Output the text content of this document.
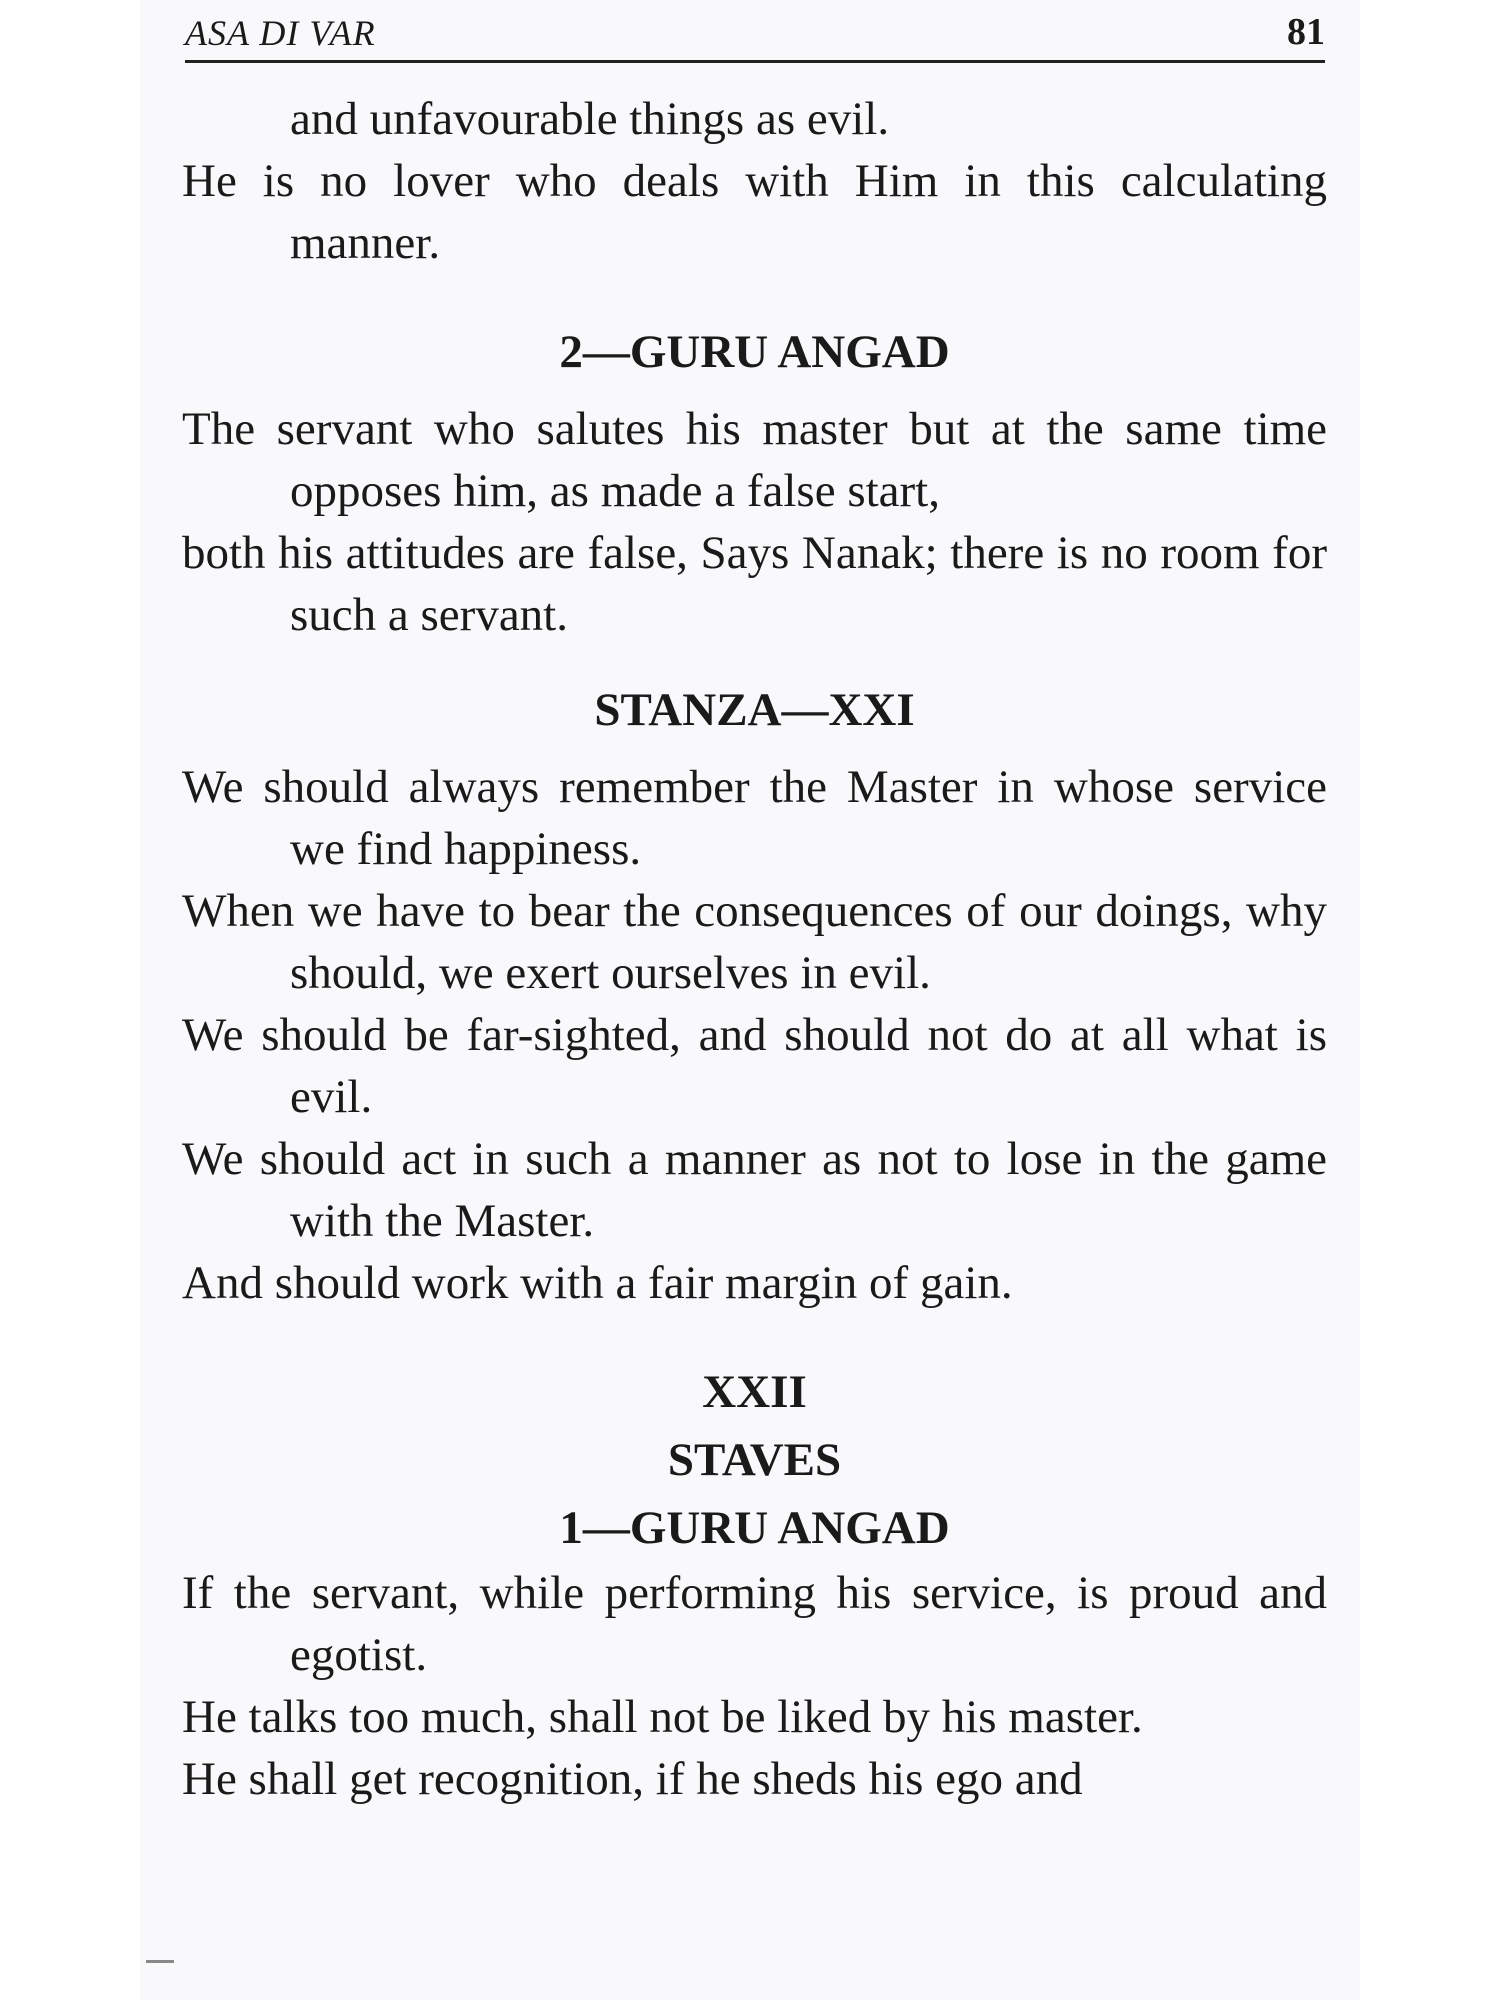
ASA DI VAR	81

and unfavourable things as evil.

He is no lover who deals with Him in this calculating manner.

2—GURU ANGAD

The servant who salutes his master but at the same time opposes him, as made a false start,

both his attitudes are false, Says Nanak; there is no room for such a servant.

STANZA—XXI

We should always remember the Master in whose service we find happiness.

When we have to bear the consequences of our doings, why should, we exert ourselves in evil.

We should be far-sighted, and should not do at all what is evil.

We should act in such a manner as not to lose in the game with the Master.

And should work with a fair margin of gain.

XXII
STAVES
1—GURU ANGAD

If the servant, while performing his service, is proud and egotist.

He talks too much, shall not be liked by his master.

He shall get recognition, if he sheds his ego and
